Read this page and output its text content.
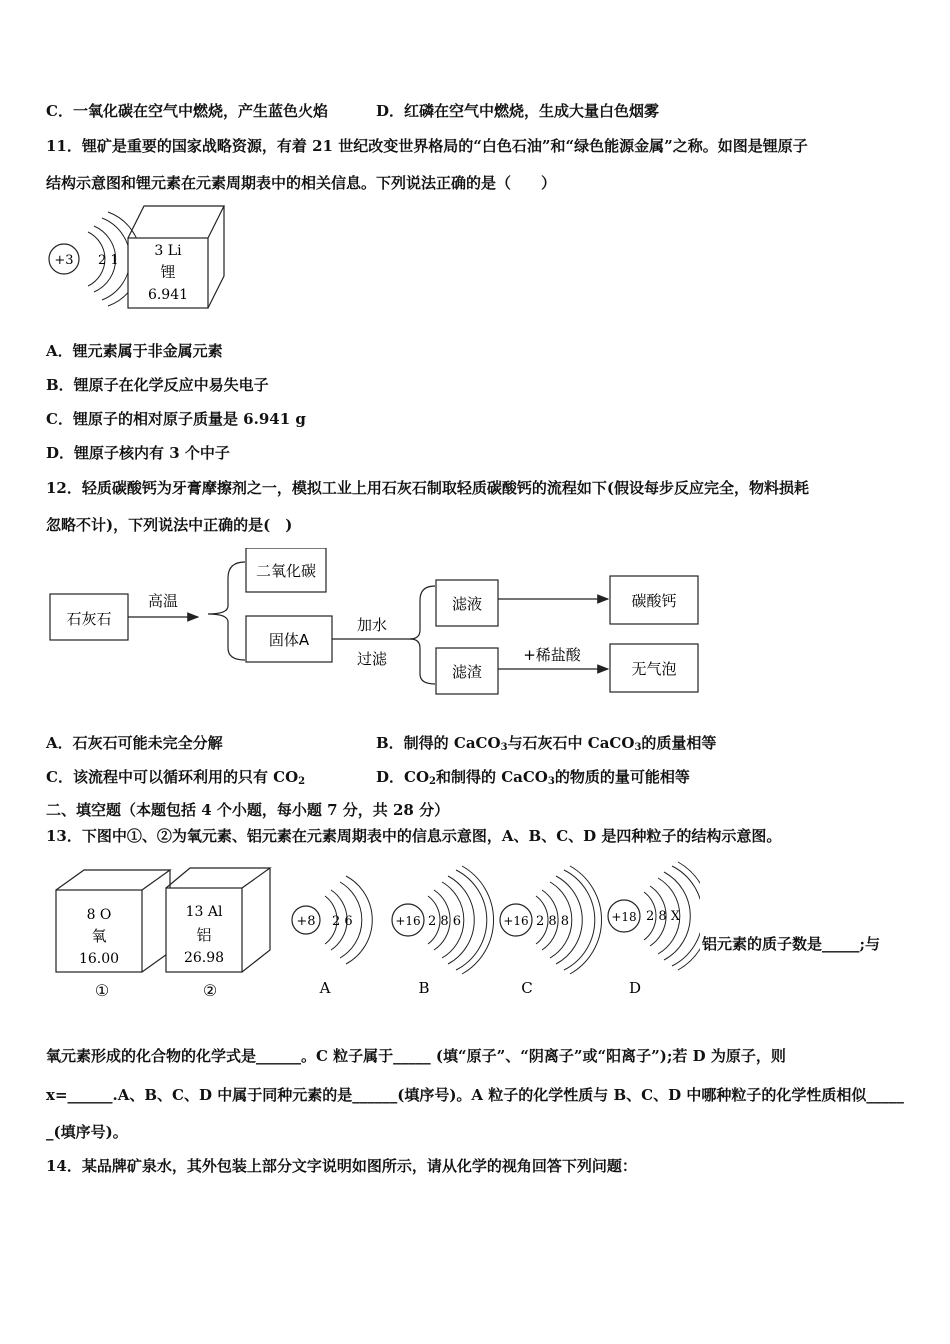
C．一氧化碳在空气中燃烧，产生蓝色火焰	D．红磷在空气中燃烧，生成大量白色烟雾
11．锂矿是重要的国家战略资源，有着 21 世纪改变世界格局的“白色石油”和“绿色能源金属”之称。如图是锂原子
结构示意图和锂元素在元素周期表中的相关信息。下列说法正确的是（　　）
+3 2 1
3 Li
锂
6.941
A．锂元素属于非金属元素
B．锂原子在化学反应中易失电子
C．锂原子的相对原子质量是 6.941 g
D．锂原子核内有 3 个中子
12．轻质碳酸钙为牙膏摩擦剂之一，模拟工业上用石灰石制取轻质碳酸钙的流程如下(假设每步反应完全，物料损耗
忽略不计)，下列说法中正确的是(　)
石灰石
高温
二氧化碳
固体A
加水
过滤
滤液	碳酸钙
滤渣
+稀盐酸
无气泡
A．石灰石可能未完全分解	B．制得的 CaCO$_3$与石灰石中 CaCO$_3$的质量相等
C．该流程中可以循环利用的只有 $CO_2$	D．$CO_2$和制得的 CaCO$_3$的物质的量可能相等
二、填空题（本题包括 4 个小题，每小题 7 分，共 28 分）
13．下图中①、②为氧元素、铝元素在元素周期表中的信息示意图，A、B、C、D 是四种粒子的结构示意图。
8 O
氧
16.00
①
13 Al
铝
26.98
②
+8 2 6
A
+16 2 8 6
B
+16 2 8 8
C
+18 2 8 X
D
铝元素的质子数是_____;与
氧元素形成的化合物的化学式是______。C 粒子属于_____ (填“原子”、“阴离子”或“阳离子”);若 D 为原子，则
x=______.A、B、C、D 中属于同种元素的是______(填序号)。A 粒子的化学性质与 B、C、D 中哪种粒子的化学性质相似_____
_(填序号)。
14．某品牌矿泉水，其外包装上部分文字说明如图所示，请从化学的视角回答下列问题：
